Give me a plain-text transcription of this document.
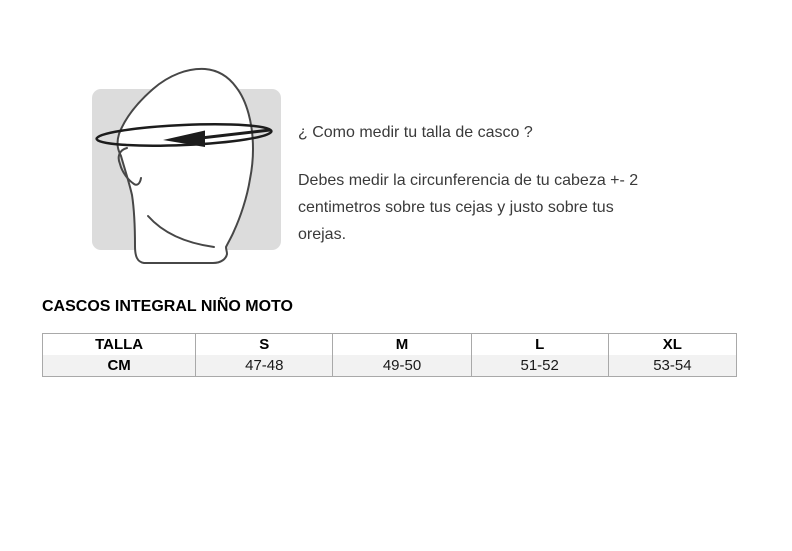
¿ Como medir tu talla de casco ?
Debes medir la circunferencia de tu cabeza +- 2
centimetros sobre tus cejas y justo sobre tus
orejas.
CASCOS INTEGRAL NIÑO MOTO
TALLA	S	M	L	XL
CM	47-48	49-50	51-52	53-54
